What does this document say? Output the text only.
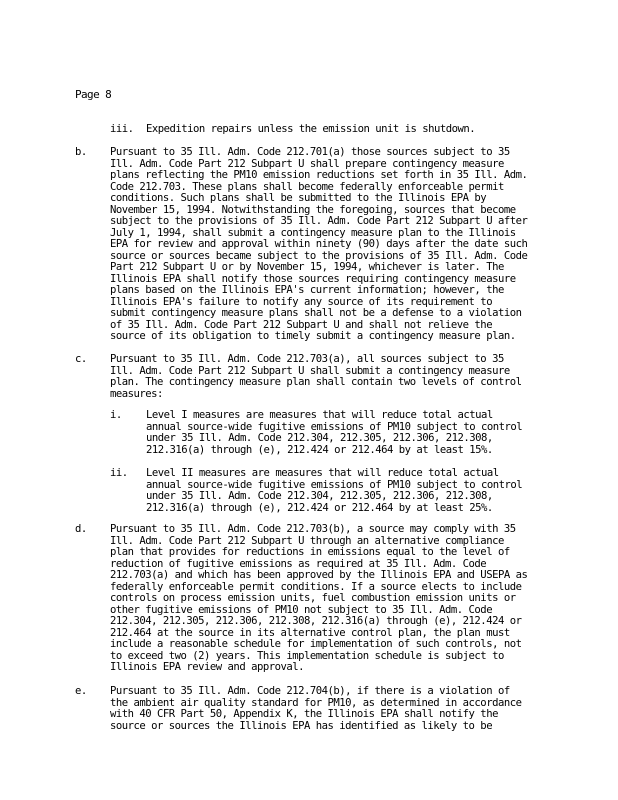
Page 8
iii. Expedition repairs unless the emission unit is shutdown.
b. Pursuant to 35 Ill. Adm. Code 212.701(a) those sources subject to 35
Ill. Adm. Code Part 212 Subpart U shall prepare contingency measure
plans reflecting the PM10 emission reductions set forth in 35 Ill. Adm.
Code 212.703. These plans shall become federally enforceable permit
conditions. Such plans shall be submitted to the Illinois EPA by
November 15, 1994. Notwithstanding the foregoing, sources that become
subject to the provisions of 35 Ill. Adm. Code Part 212 Subpart U after
July 1, 1994, shall submit a contingency measure plan to the Illinois
EPA for review and approval within ninety (90) days after the date such
source or sources became subject to the provisions of 35 Ill. Adm. Code
Part 212 Subpart U or by November 15, 1994, whichever is later. The
Illinois EPA shall notify those sources requiring contingency measure
plans based on the Illinois EPA's current information; however, the
Illinois EPA's failure to notify any source of its requirement to
submit contingency measure plans shall not be a defense to a violation
of 35 Ill. Adm. Code Part 212 Subpart U and shall not relieve the
source of its obligation to timely submit a contingency measure plan.
c. Pursuant to 35 Ill. Adm. Code 212.703(a), all sources subject to 35
Ill. Adm. Code Part 212 Subpart U shall submit a contingency measure
plan. The contingency measure plan shall contain two levels of control
measures:
i. Level I measures are measures that will reduce total actual
annual source-wide fugitive emissions of PM10 subject to control
under 35 Ill. Adm. Code 212.304, 212.305, 212.306, 212.308,
212.316(a) through (e), 212.424 or 212.464 by at least 15%.
ii. Level II measures are measures that will reduce total actual
annual source-wide fugitive emissions of PM10 subject to control
under 35 Ill. Adm. Code 212.304, 212.305, 212.306, 212.308,
212.316(a) through (e), 212.424 or 212.464 by at least 25%.
d. Pursuant to 35 Ill. Adm. Code 212.703(b), a source may comply with 35
Ill. Adm. Code Part 212 Subpart U through an alternative compliance
plan that provides for reductions in emissions equal to the level of
reduction of fugitive emissions as required at 35 Ill. Adm. Code
212.703(a) and which has been approved by the Illinois EPA and USEPA as
federally enforceable permit conditions. If a source elects to include
controls on process emission units, fuel combustion emission units or
other fugitive emissions of PM10 not subject to 35 Ill. Adm. Code
212.304, 212.305, 212.306, 212.308, 212.316(a) through (e), 212.424 or
212.464 at the source in its alternative control plan, the plan must
include a reasonable schedule for implementation of such controls, not
to exceed two (2) years. This implementation schedule is subject to
Illinois EPA review and approval.
e. Pursuant to 35 Ill. Adm. Code 212.704(b), if there is a violation of
the ambient air quality standard for PM10, as determined in accordance
with 40 CFR Part 50, Appendix K, the Illinois EPA shall notify the
source or sources the Illinois EPA has identified as likely to be
